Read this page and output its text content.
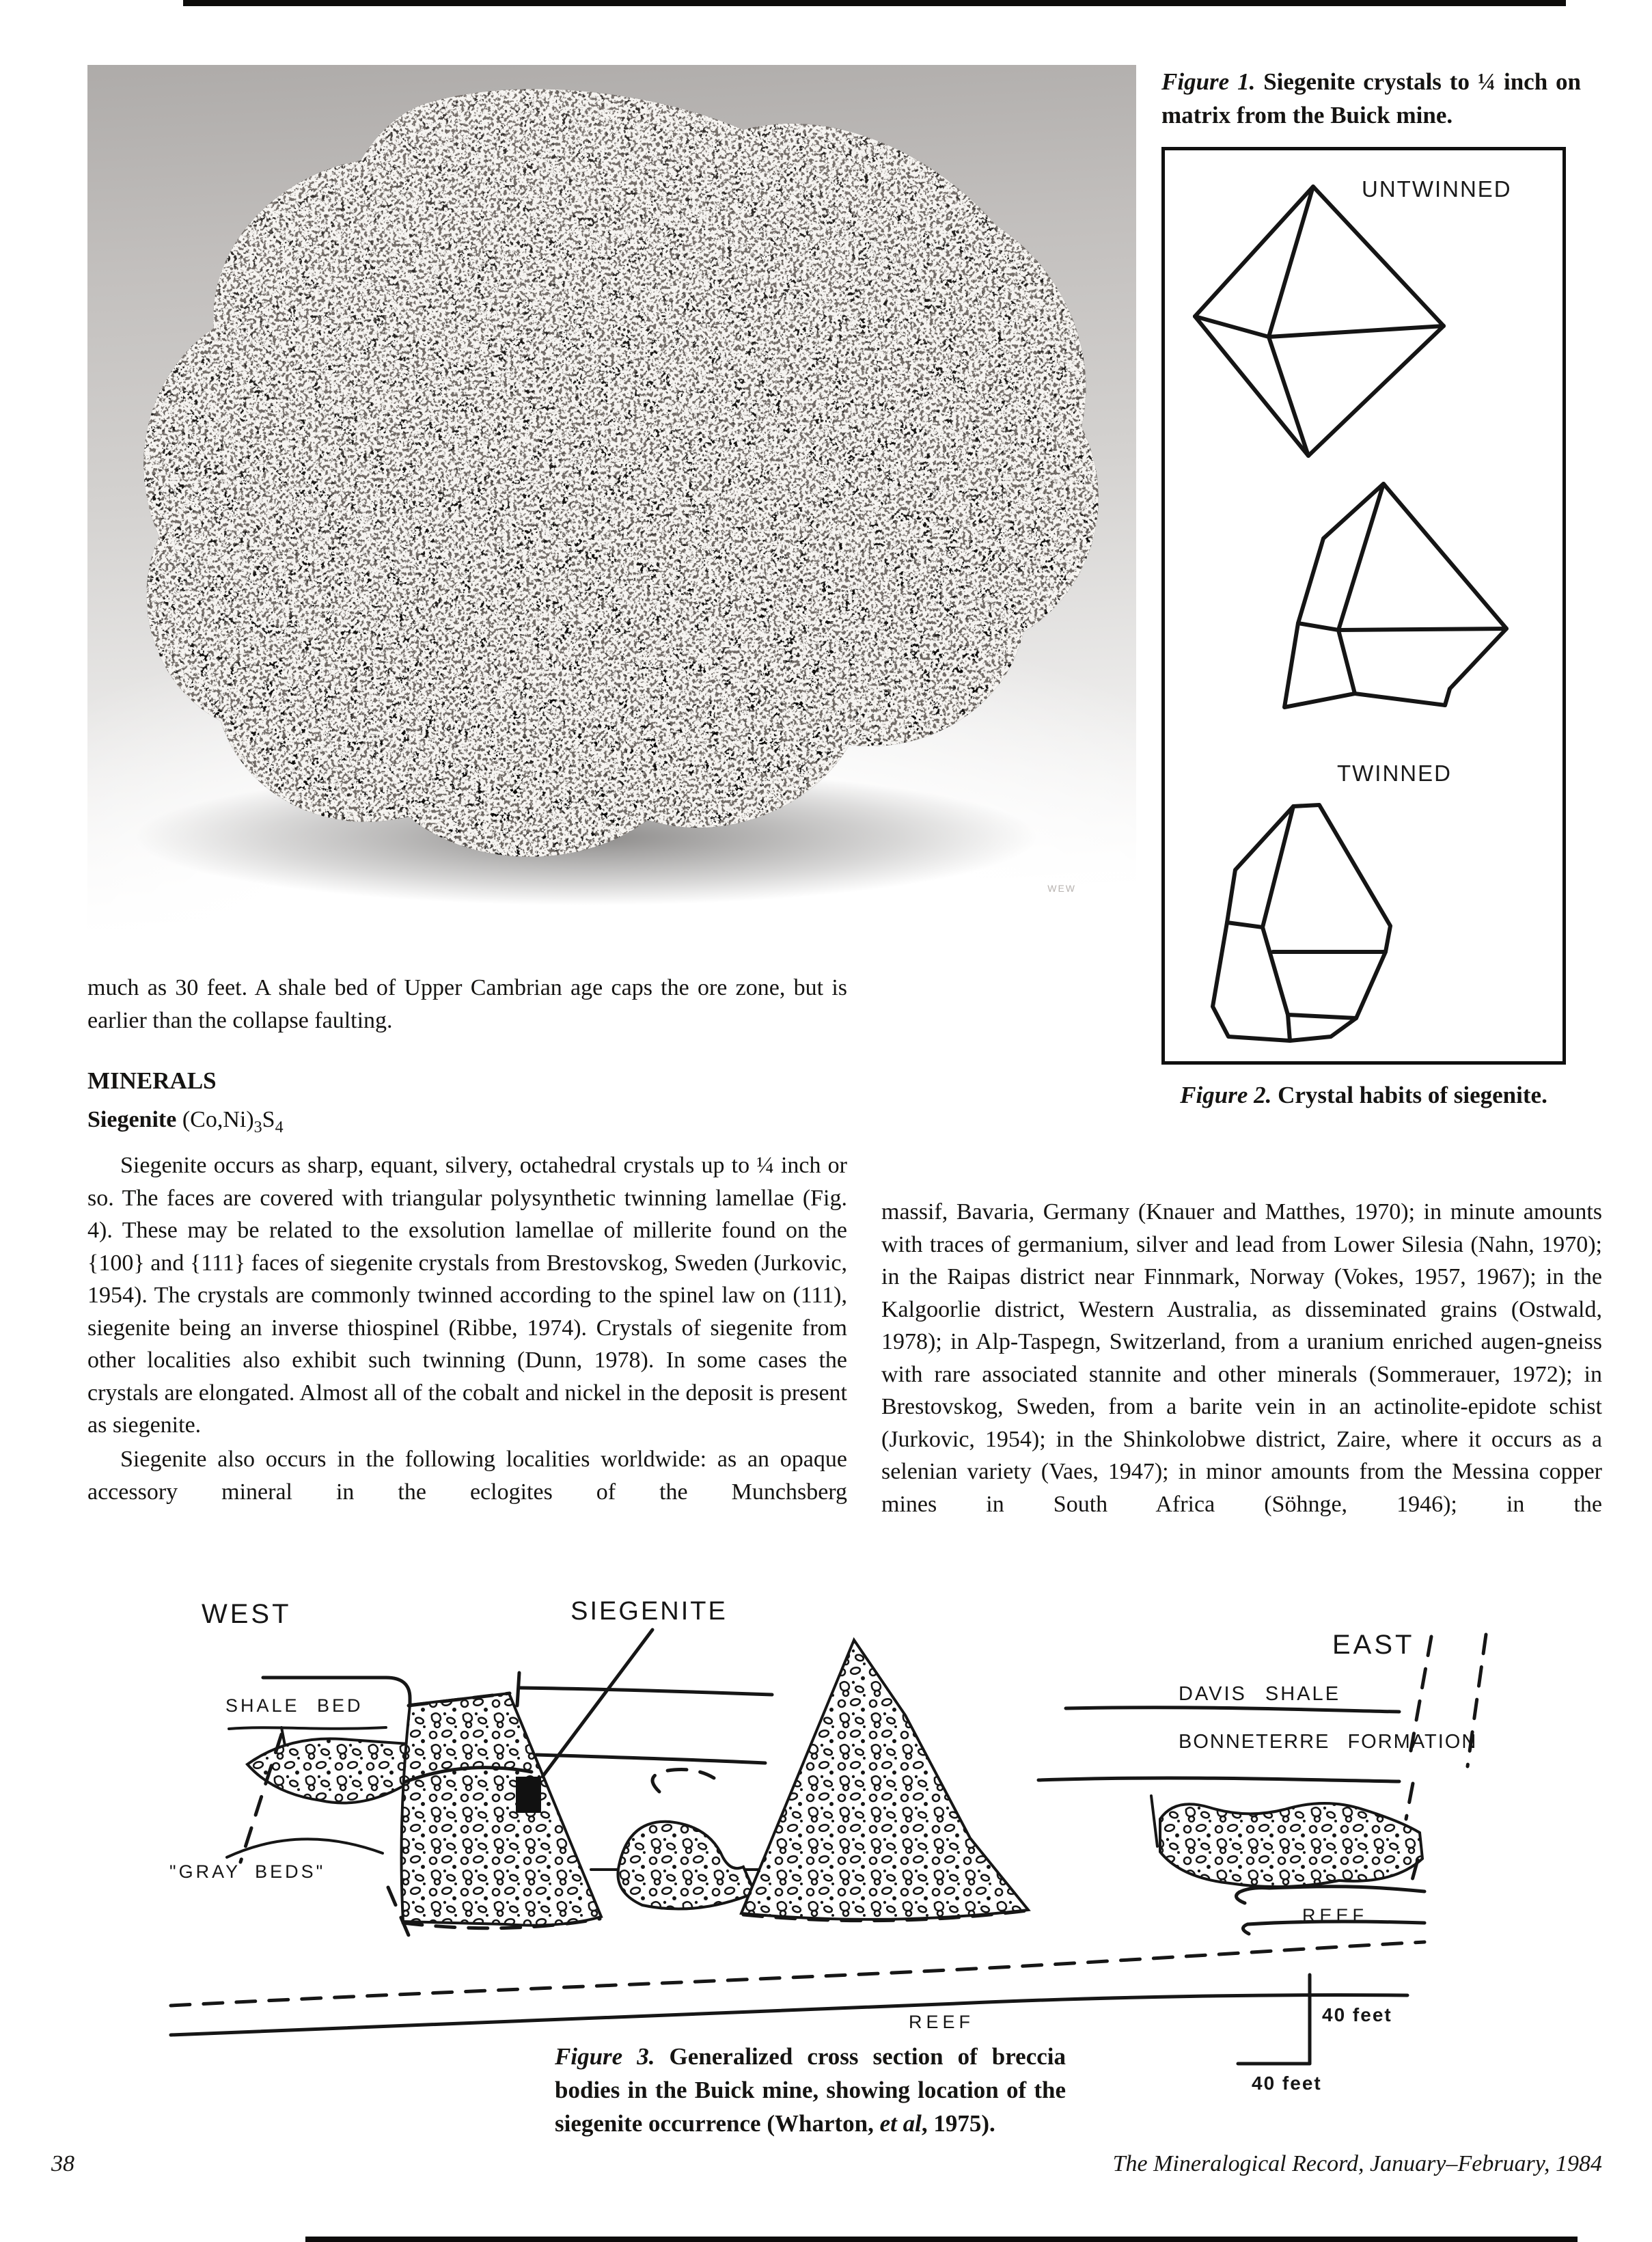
WEW
Figure 1. Siegenite crystals to ¼ inch on matrix from the Buick mine.
UNTWINNED
TWINNED
Figure 2. Crystal habits of siegenite.
much as 30 feet. A shale bed of Upper Cambrian age caps the ore zone, but is earlier than the collapse faulting.
MINERALS
Siegenite $(Co,Ni)_3S_4$
Siegenite occurs as sharp, equant, silvery, octahedral crystals up to ¼ inch or so. The faces are covered with triangular polysynthetic twinning lamellae (Fig. 4). These may be related to the exsolution lamellae of millerite found on the {100} and {111} faces of siegenite crystals from Brestovskog, Sweden (Jurkovic, 1954). The crystals are commonly twinned according to the spinel law on (111), siegenite being an inverse thiospinel (Ribbe, 1974). Crystals of siegenite from other localities also exhibit such twinning (Dunn, 1978). In some cases the crystals are elongated. Almost all of the cobalt and nickel in the deposit is present as siegenite.
Siegenite also occurs in the following localities worldwide: as an opaque accessory mineral in the eclogites of the Munchsberg
massif, Bavaria, Germany (Knauer and Matthes, 1970); in minute amounts with traces of germanium, silver and lead from Lower Silesia (Nahn, 1970); in the Raipas district near Finnmark, Norway (Vokes, 1957, 1967); in the Kalgoorlie district, Western Australia, as disseminated grains (Ostwald, 1978); in Alp-Taspegn, Switzerland, from a uranium enriched augen-gneiss with rare associated stannite and other minerals (Sommerauer, 1972); in Brestovskog, Sweden, from a barite vein in an actinolite-epidote schist (Jurkovic, 1954); in the Shinkolobwe district, Zaire, where it occurs as a selenian variety (Vaes, 1947); in minor amounts from the Messina copper mines in South Africa (Söhnge, 1946); in the
WEST	SIEGENITE
EAST
DAVIS SHALE
BONNETERRE FORMATION
SHALE BED
"GRAY BEDS"
REEF
REEF	40 feet
40 feet
Figure 3. Generalized cross section of breccia bodies in the Buick mine, showing location of the siegenite occurrence (Wharton, et al, 1975).
38	The Mineralogical Record, January–February, 1984
